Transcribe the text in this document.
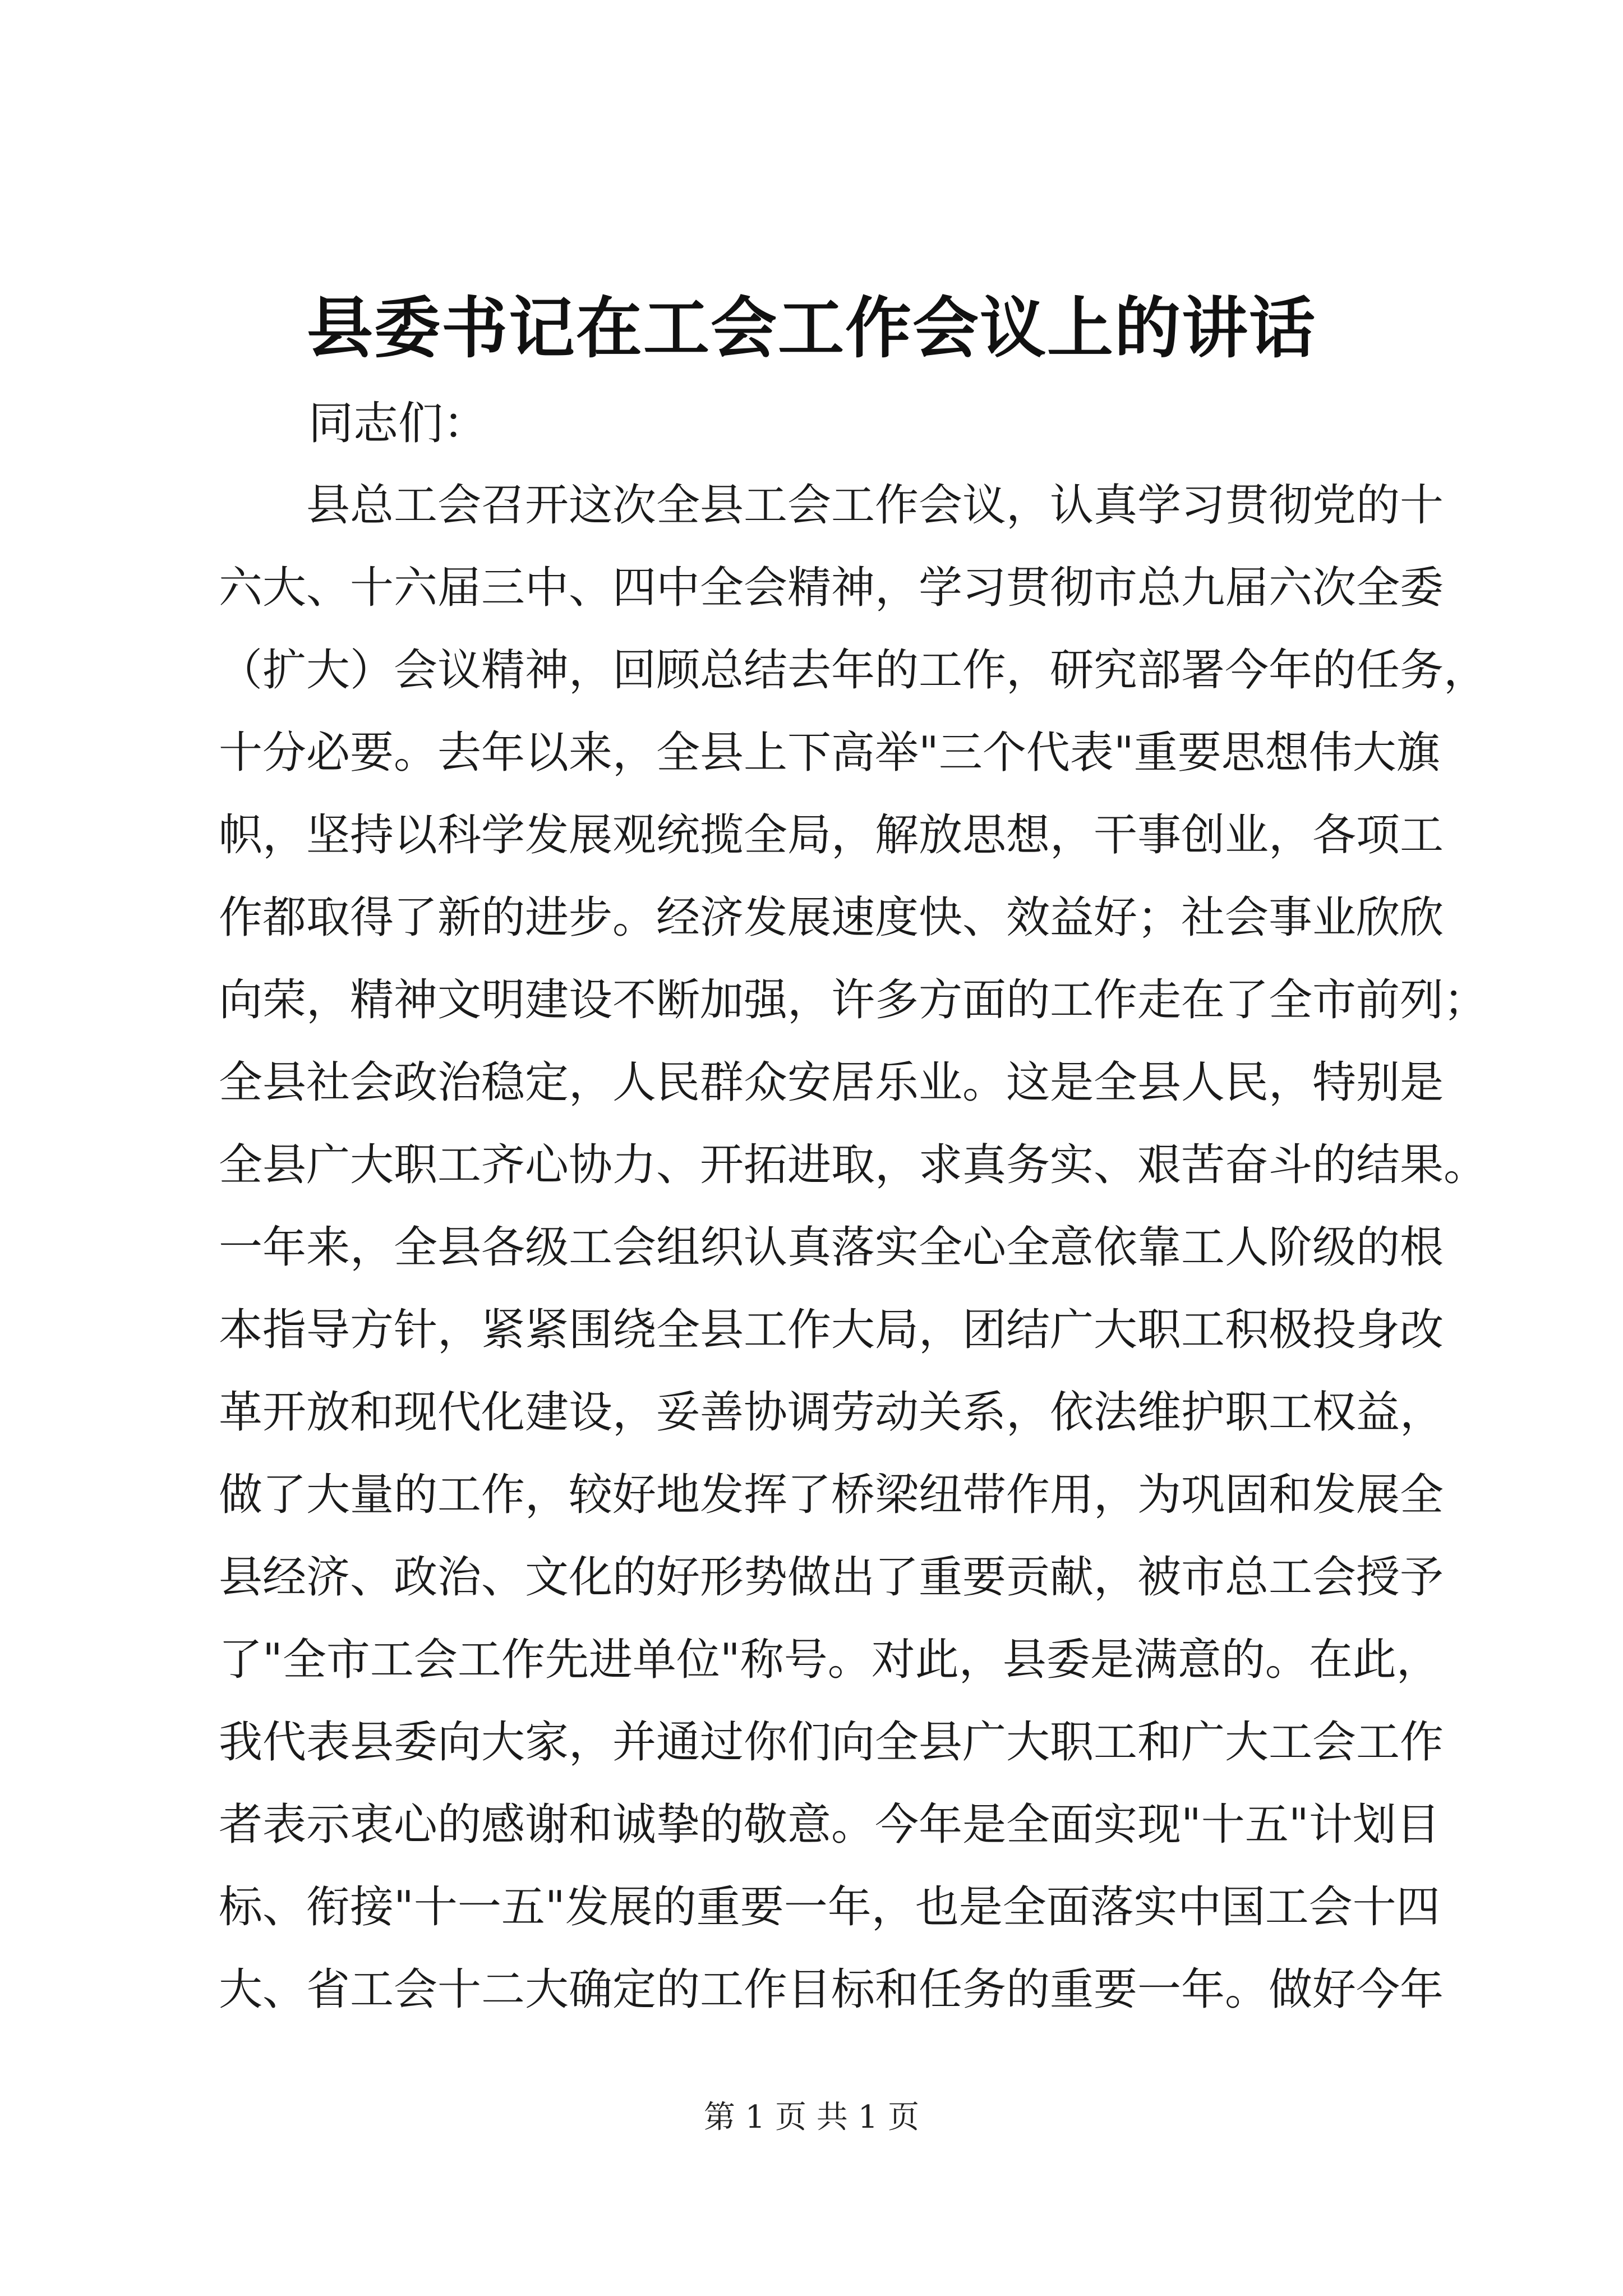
县委书记在工会工作会议上的讲话
同志们：
　　县总工会召开这次全县工会工作会议，认真学习贯彻党的十
六大、十六届三中、四中全会精神，学习贯彻市总九届六次全委
（扩大）会议精神，回顾总结去年的工作，研究部署今年的任务，
十分必要。去年以来，全县上下高举"三个代表"重要思想伟大旗
帜，坚持以科学发展观统揽全局，解放思想，干事创业，各项工
作都取得了新的进步。经济发展速度快、效益好；社会事业欣欣
向荣，精神文明建设不断加强，许多方面的工作走在了全市前列；
全县社会政治稳定，人民群众安居乐业。这是全县人民，特别是
全县广大职工齐心协力、开拓进取，求真务实、艰苦奋斗的结果。
一年来，全县各级工会组织认真落实全心全意依靠工人阶级的根
本指导方针，紧紧围绕全县工作大局，团结广大职工积极投身改
革开放和现代化建设，妥善协调劳动关系，依法维护职工权益，
做了大量的工作，较好地发挥了桥梁纽带作用，为巩固和发展全
县经济、政治、文化的好形势做出了重要贡献，被市总工会授予
了"全市工会工作先进单位"称号。对此，县委是满意的。在此，
我代表县委向大家，并通过你们向全县广大职工和广大工会工作
者表示衷心的感谢和诚挚的敬意。今年是全面实现"十五"计划目
标、衔接"十一五"发展的重要一年，也是全面落实中国工会十四
大、省工会十二大确定的工作目标和任务的重要一年。做好今年
第 1 页 共 1 页
